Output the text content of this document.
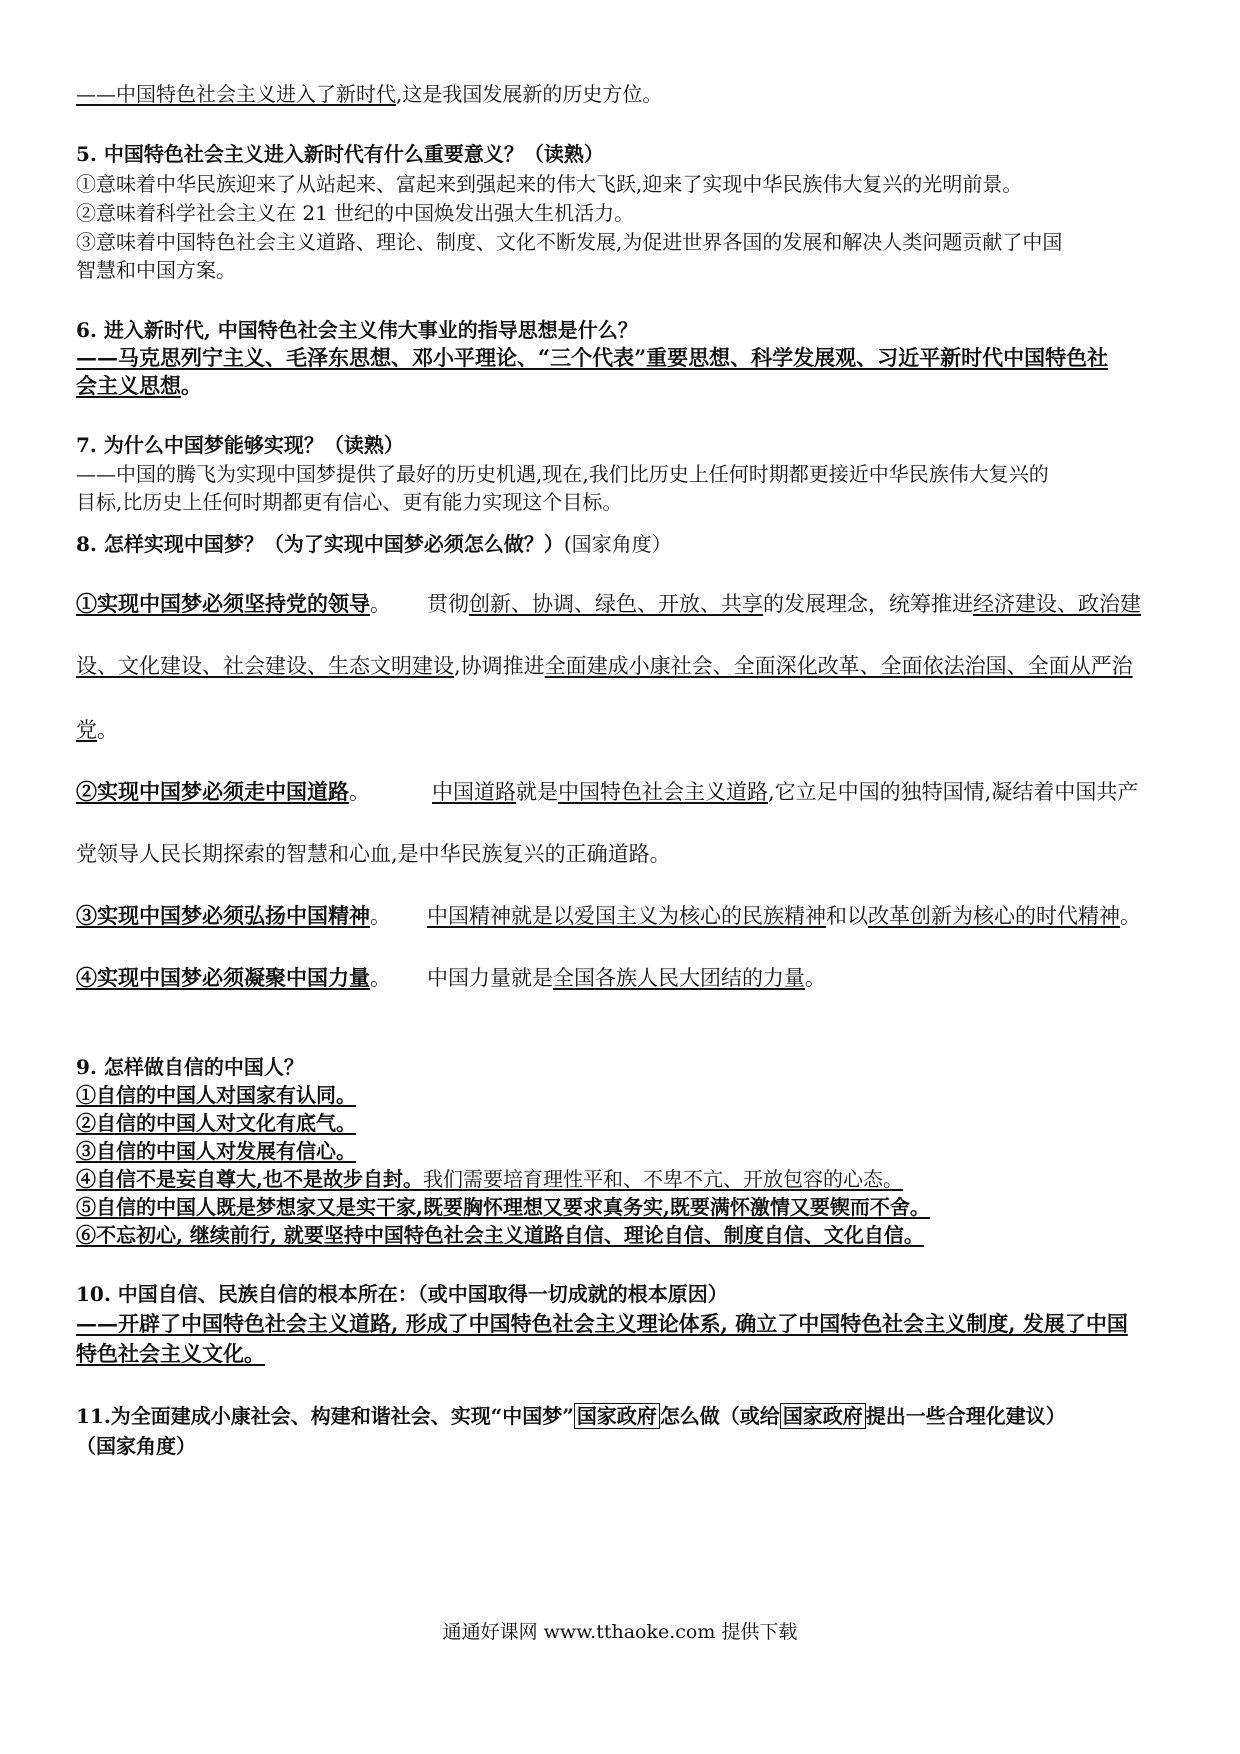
——中国特色社会主义进入了新时代,这是我国发展新的历史方位。
5. 中国特色社会主义进入新时代有什么重要意义？（读熟）
①意味着中华民族迎来了从站起来、富起来到强起来的伟大飞跃,迎来了实现中华民族伟大复兴的光明前景。
②意味着科学社会主义在 21 世纪的中国焕发出强大生机活力。
③意味着中国特色社会主义道路、理论、制度、文化不断发展,为促进世界各国的发展和解决人类问题贡献了中国
智慧和中国方案。
6. 进入新时代, 中国特色社会主义伟大事业的指导思想是什么？
——马克思列宁主义、毛泽东思想、邓小平理论、“三个代表”重要思想、科学发展观、习近平新时代中国特色社
会主义思想。
7. 为什么中国梦能够实现？（读熟）
——中国的腾飞为实现中国梦提供了最好的历史机遇,现在,我们比历史上任何时期都更接近中华民族伟大复兴的
目标,比历史上任何时期都更有信心、更有能力实现这个目标。
8. 怎样实现中国梦？（为了实现中国梦必须怎么做？）(国家角度）
①实现中国梦必须坚持党的领导。 贯彻创新、协调、绿色、开放、共享的发展理念，统筹推进经济建设、政治建
设、文化建设、社会建设、生态文明建设,协调推进全面建成小康社会、全面深化改革、全面依法治国、全面从严治
党。
②实现中国梦必须走中国道路。	中国道路就是中国特色社会主义道路,它立足中国的独特国情,凝结着中国共产
党领导人民长期探索的智慧和心血,是中华民族复兴的正确道路。
③实现中国梦必须弘扬中国精神。 中国精神就是以爱国主义为核心的民族精神和以改革创新为核心的时代精神。
④实现中国梦必须凝聚中国力量。 中国力量就是全国各族人民大团结的力量。
9. 怎样做自信的中国人？
①自信的中国人对国家有认同。
②自信的中国人对文化有底气。
③自信的中国人对发展有信心。
④自信不是妄自尊大,也不是故步自封。我们需要培育理性平和、不卑不亢、开放包容的心态。
⑤自信的中国人既是梦想家又是实干家,既要胸怀理想又要求真务实,既要满怀激情又要锲而不舍。
⑥不忘初心, 继续前行, 就要坚持中国特色社会主义道路自信、理论自信、制度自信、文化自信。
10. 中国自信、民族自信的根本所在：（或中国取得一切成就的根本原因）
——开辟了中国特色社会主义道路, 形成了中国特色社会主义理论体系, 确立了中国特色社会主义制度, 发展了中国
特色社会主义文化。
11.为全面建成小康社会、构建和谐社会、实现“中国梦” 国家政府 怎么做（或给 国家政府 提出一些合理化建议）
（国家角度）
通通好课网 www.tthaoke.com 提供下载
